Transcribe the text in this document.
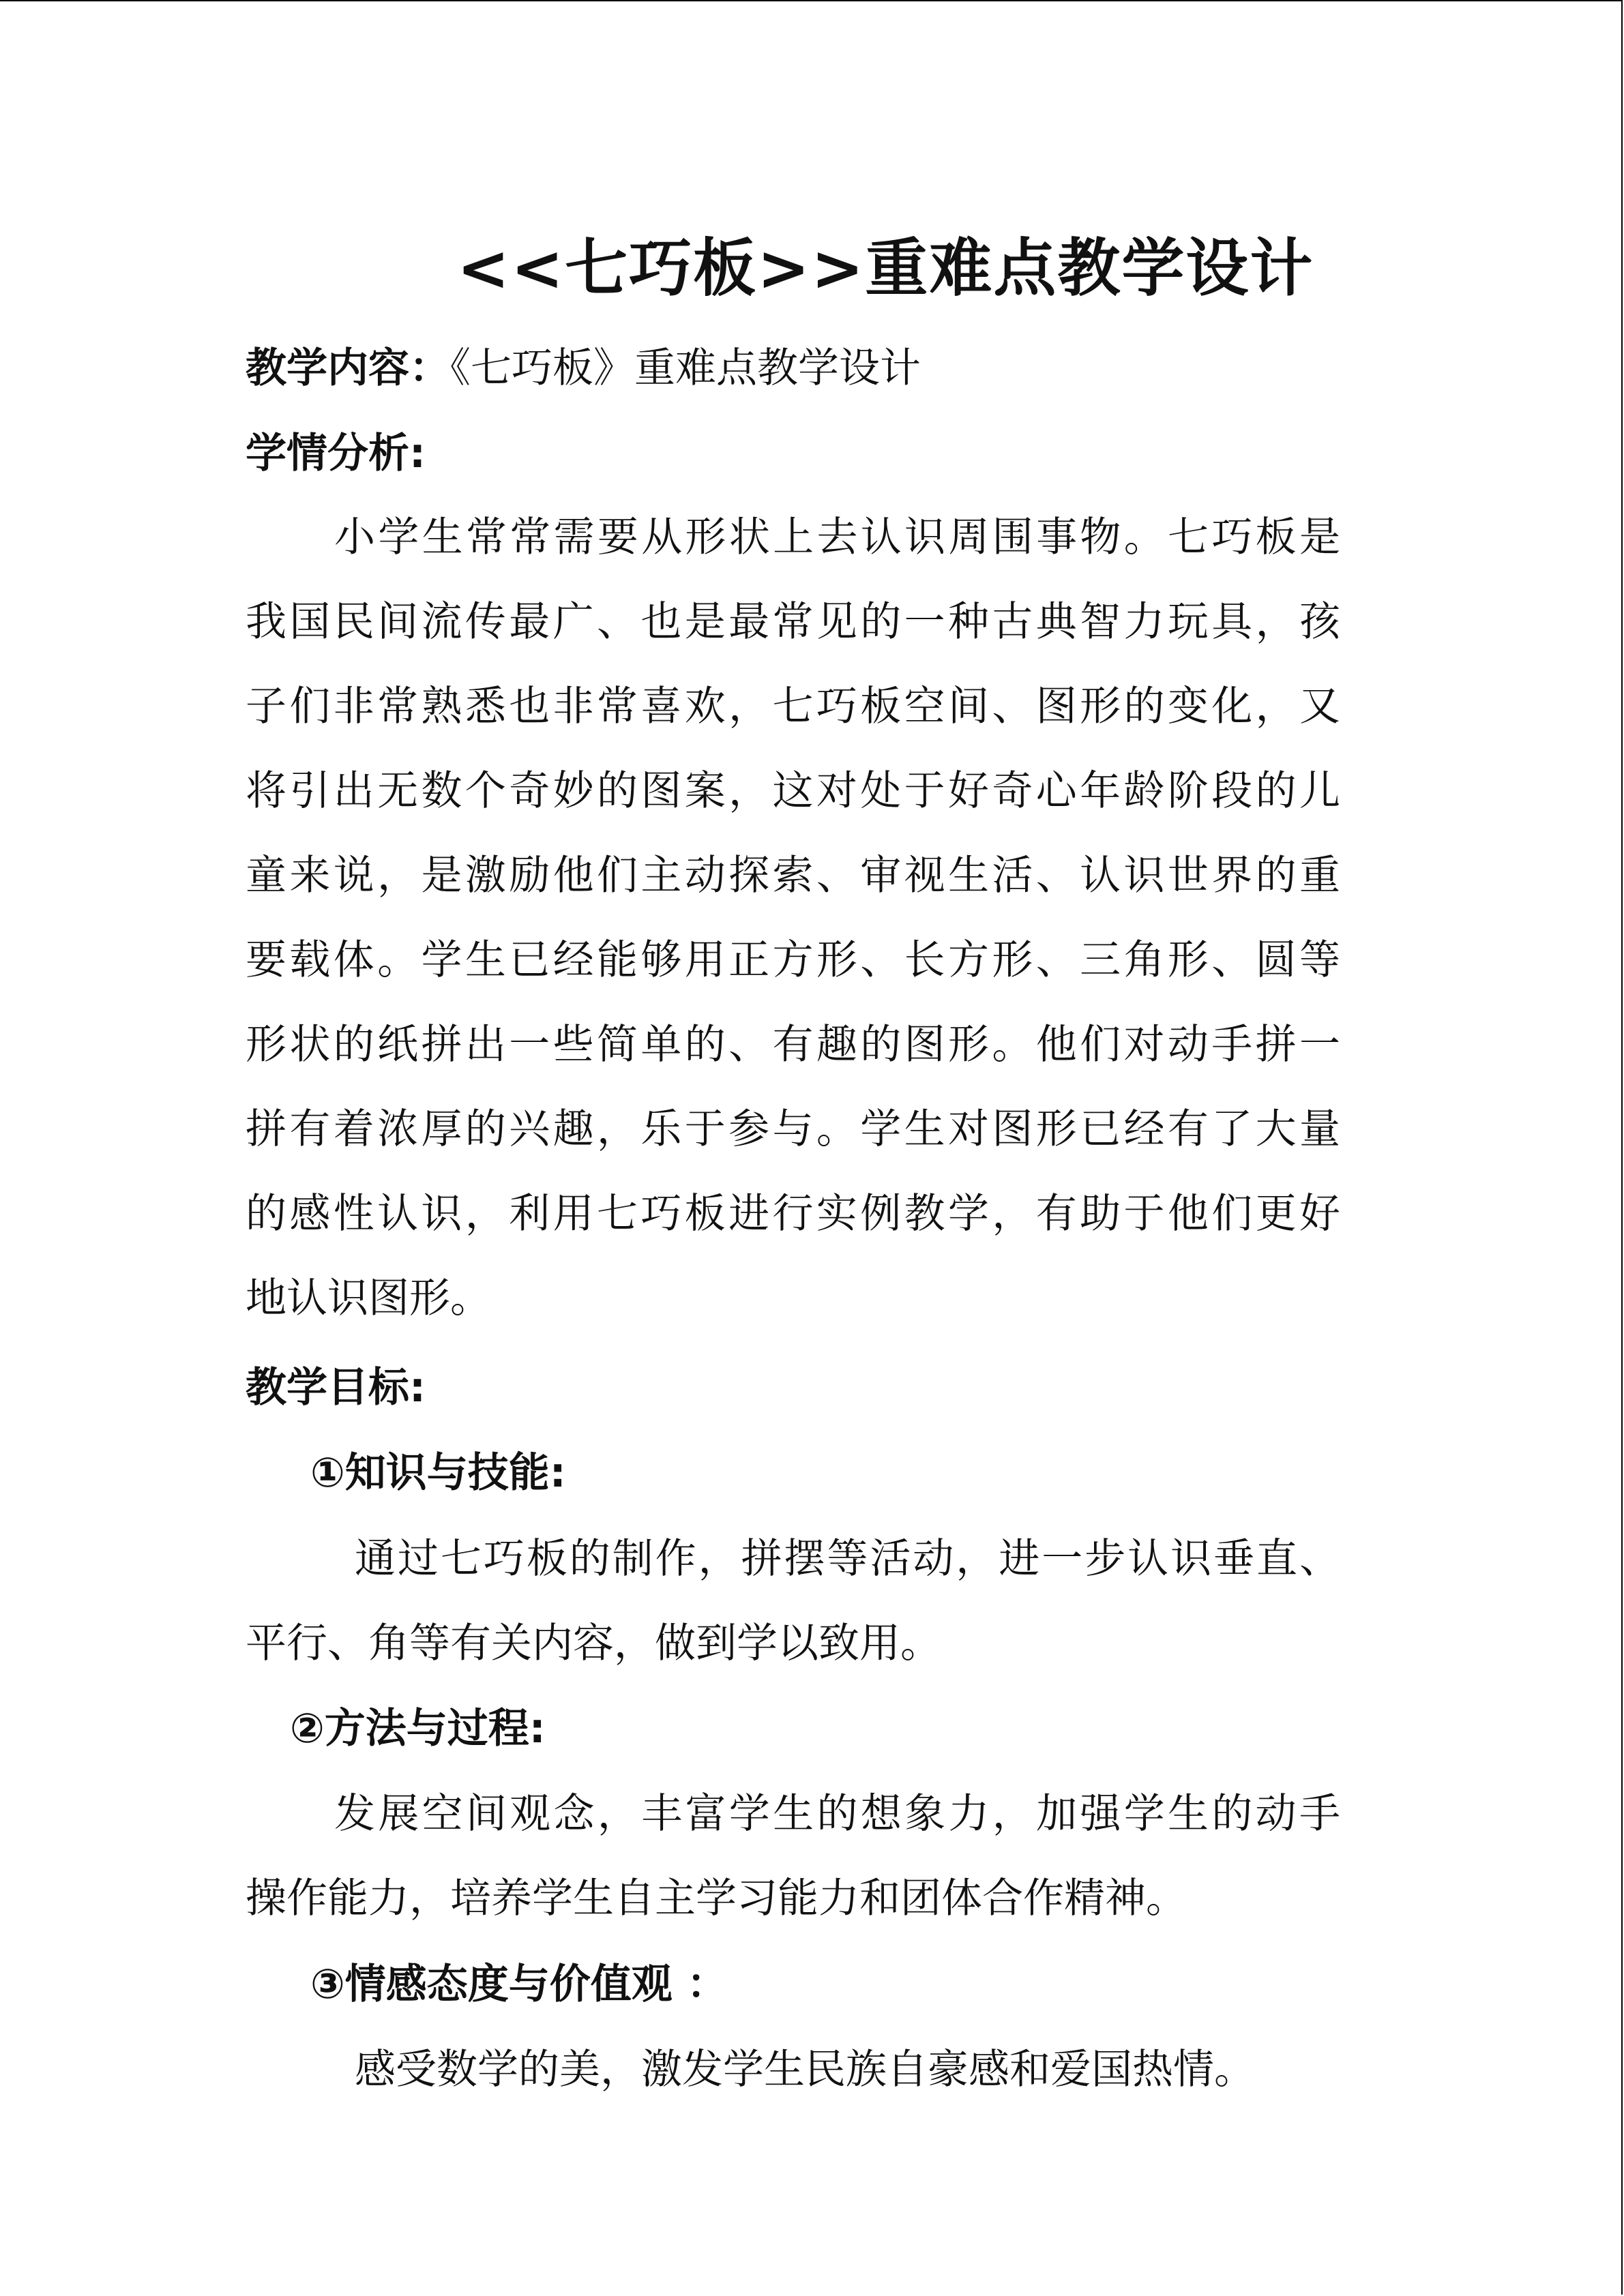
<<七巧板>>重难点教学设计
教学内容：《七巧板》重难点教学设计
学情分析:
小学生常常需要从形状上去认识周围事物。七巧板是
我国民间流传最广、也是最常见的一种古典智力玩具，孩
子们非常熟悉也非常喜欢，七巧板空间、图形的变化，又
将引出无数个奇妙的图案，这对处于好奇心年龄阶段的儿
童来说，是激励他们主动探索、审视生活、认识世界的重
要载体。学生已经能够用正方形、长方形、三角形、圆等
形状的纸拼出一些简单的、有趣的图形。他们对动手拼一
拼有着浓厚的兴趣，乐于参与。学生对图形已经有了大量
的感性认识，利用七巧板进行实例教学，有助于他们更好
地认识图形。
教学目标:
①知识与技能:
通过七巧板的制作，拼摆等活动，进一步认识垂直、
平行、角等有关内容，做到学以致用。
②方法与过程:
发展空间观念，丰富学生的想象力，加强学生的动手
操作能力，培养学生自主学习能力和团体合作精神。
③情感态度与价值观 ：
感受数学的美，激发学生民族自豪感和爱国热情。
